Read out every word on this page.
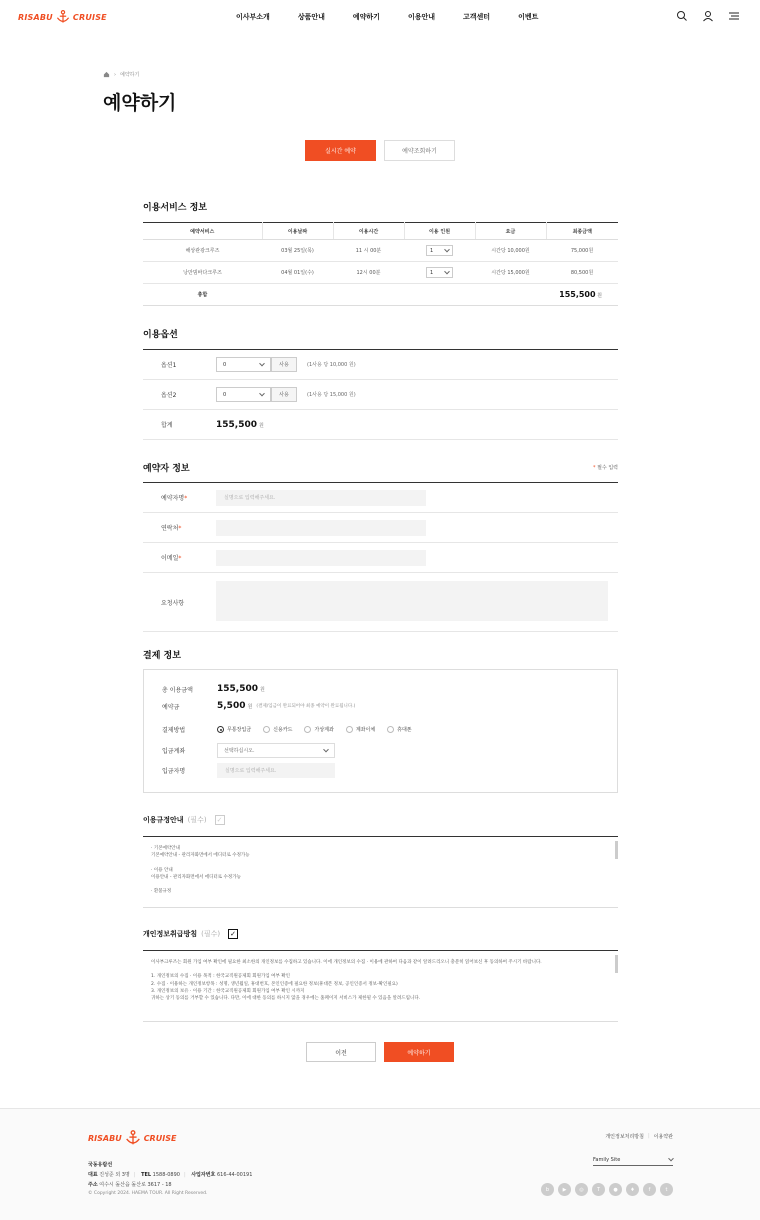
RISABU	CRUISE	이사부소개	상품안내	예약하기	이용안내	고객센터	이벤트
› 예약하기
예약하기
실시간 예약	예약조회하기
이용서비스 정보
예약서비스	이용날짜	이용시간	이용 인원	요금	최종금액
해상관광크루즈	03월 25일(목)	11 시 00분	1	시간당 10,000원	75,000원
낭만빔바다크루즈	04월 01일(수)	12시 00분	1	시간당 15,000원	80,500원
총합					155,500 원
이용옵션
옵션1	0	사용	(1사용 당 10,000 원)
옵션2	0	사용	(1사용 당 15,000 원)
합계	155,500 원
예약자 정보	* 필수 입력
예약자명*	실명으로 입력해주세요.
연락처*
이메일*
요청사항
결제 정보
총 이용금액	155,500 원
예약금	5,500 원 (결제/입금이 완료되어야 최종 예약이 완료됩니다.)
결제방법	무통장입금	신용카드	가상계좌	계좌이체	휴대폰
입금계좌	선택하십시오.
입금자명	실명으로 입력해주세요.
이용규정안내 (필수) ✓
· 기본예약안내
기본예약안내 - 관리자화면에서 에디터로 수정가능

· 이용 안내
이용안내 - 관리자화면에서 에디터로 수정가능

· 환불규정
개인정보취급방침 (필수) ✓
이사부크루즈는 회원 가입 여부 확인에 필요한 최소한의 개인정보를 수집하고 있습니다. 이에 개인정보의 수집 · 이용에 관하여 다음과 같이 알려드리오니 충분히 읽어보신 후 동의하여 주시기 바랍니다.

1. 개인정보의 수집 · 이용 목적 : 한국교직원공제회 회원가입 여부 확인
2. 수집 · 이용하는 개인정보항목 : 성명, 생년월일, 휴대번호, 본인인증에 필요한 정보(휴대폰 정보, 공인인증서 정보-확인필요)
3. 개인정보의 보유 · 이용 기간 : 한국교직원공제회 회원가입 여부 확인 시까지
귀하는 상기 동의를 거부할 수 있습니다. 다만, 이에 대한 동의를 하시지 않을 경우에는 홈페이지 서비스가 제한될 수 있음을 알려드립니다.
이전	예약하기
RISABU	CRUISE
국동유람선
대표 진성준 외 3명 | TEL 1588-0890 | 사업자번호 616-44-00191
주소 여수시 돌산읍 돌산로 3617 - 18
© Copyright 2024. HAEMA TOUR. All Right Reserved.
개인정보처리방침 | 이용약관
Family Site
b	▶	◎	T	●	♦	f	t
